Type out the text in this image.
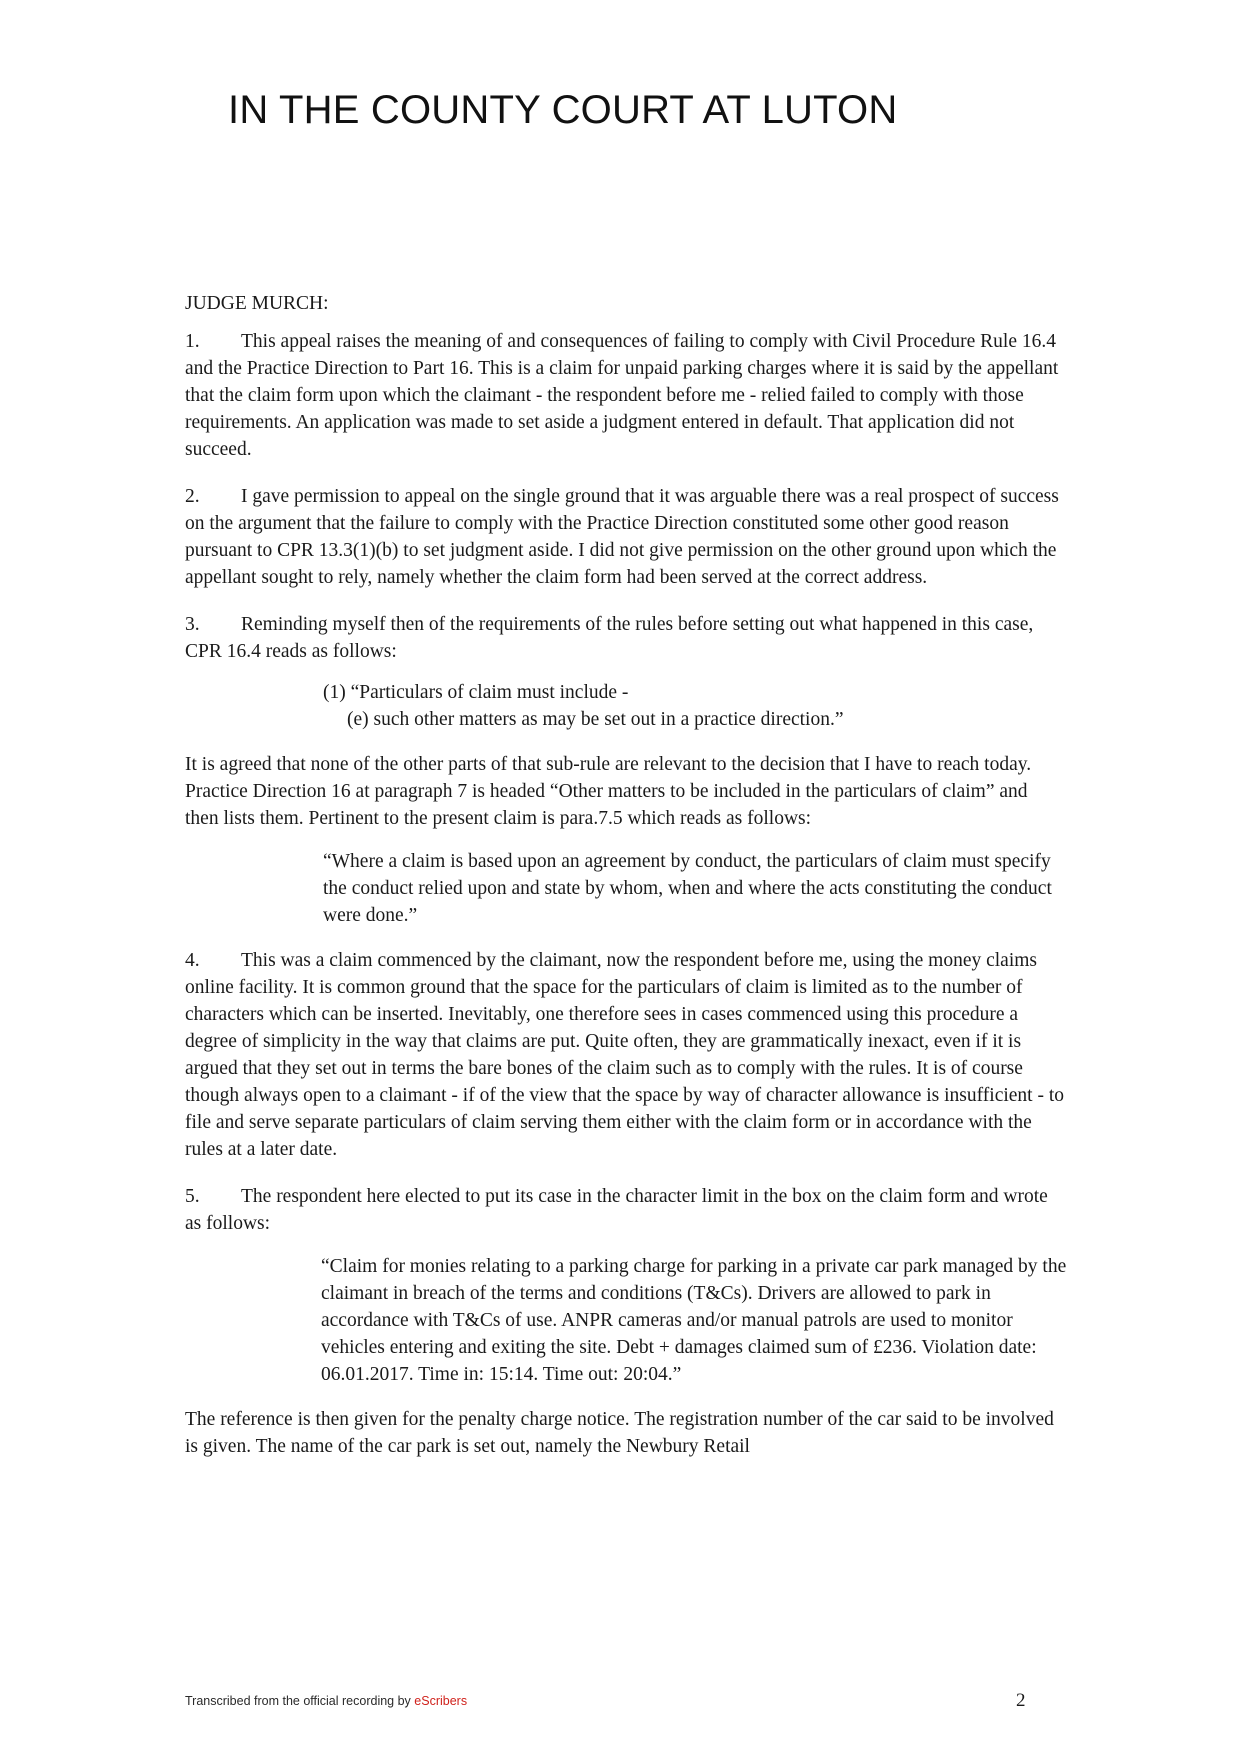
IN THE COUNTY COURT AT LUTON

JUDGE MURCH:

1. This appeal raises the meaning of and consequences of failing to comply with Civil Procedure Rule 16.4 and the Practice Direction to Part 16. This is a claim for unpaid parking charges where it is said by the appellant that the claim form upon which the claimant - the respondent before me - relied failed to comply with those requirements. An application was made to set aside a judgment entered in default. That application did not succeed.

2. I gave permission to appeal on the single ground that it was arguable there was a real prospect of success on the argument that the failure to comply with the Practice Direction constituted some other good reason pursuant to CPR 13.3(1)(b) to set judgment aside. I did not give permission on the other ground upon which the appellant sought to rely, namely whether the claim form had been served at the correct address.

3. Reminding myself then of the requirements of the rules before setting out what happened in this case, CPR 16.4 reads as follows:

(1) “Particulars of claim must include -

(e) such other matters as may be set out in a practice direction.”

It is agreed that none of the other parts of that sub-rule are relevant to the decision that I have to reach today. Practice Direction 16 at paragraph 7 is headed “Other matters to be included in the particulars of claim” and then lists them. Pertinent to the present claim is para.7.5 which reads as follows:

“Where a claim is based upon an agreement by conduct, the particulars of claim must specify the conduct relied upon and state by whom, when and where the acts constituting the conduct were done.”

4. This was a claim commenced by the claimant, now the respondent before me, using the money claims online facility. It is common ground that the space for the particulars of claim is limited as to the number of characters which can be inserted. Inevitably, one therefore sees in cases commenced using this procedure a degree of simplicity in the way that claims are put. Quite often, they are grammatically inexact, even if it is argued that they set out in terms the bare bones of the claim such as to comply with the rules. It is of course though always open to a claimant - if of the view that the space by way of character allowance is insufficient - to file and serve separate particulars of claim serving them either with the claim form or in accordance with the rules at a later date.

5. The respondent here elected to put its case in the character limit in the box on the claim form and wrote as follows:

“Claim for monies relating to a parking charge for parking in a private car park managed by the claimant in breach of the terms and conditions (T&Cs). Drivers are allowed to park in accordance with T&Cs of use. ANPR cameras and/or manual patrols are used to monitor vehicles entering and exiting the site. Debt + damages claimed sum of £236. Violation date: 06.01.2017. Time in: 15:14. Time out: 20:04.”

The reference is then given for the penalty charge notice. The registration number of the car said to be involved is given. The name of the car park is set out, namely the Newbury Retail

Transcribed from the official recording by eScribers	2
